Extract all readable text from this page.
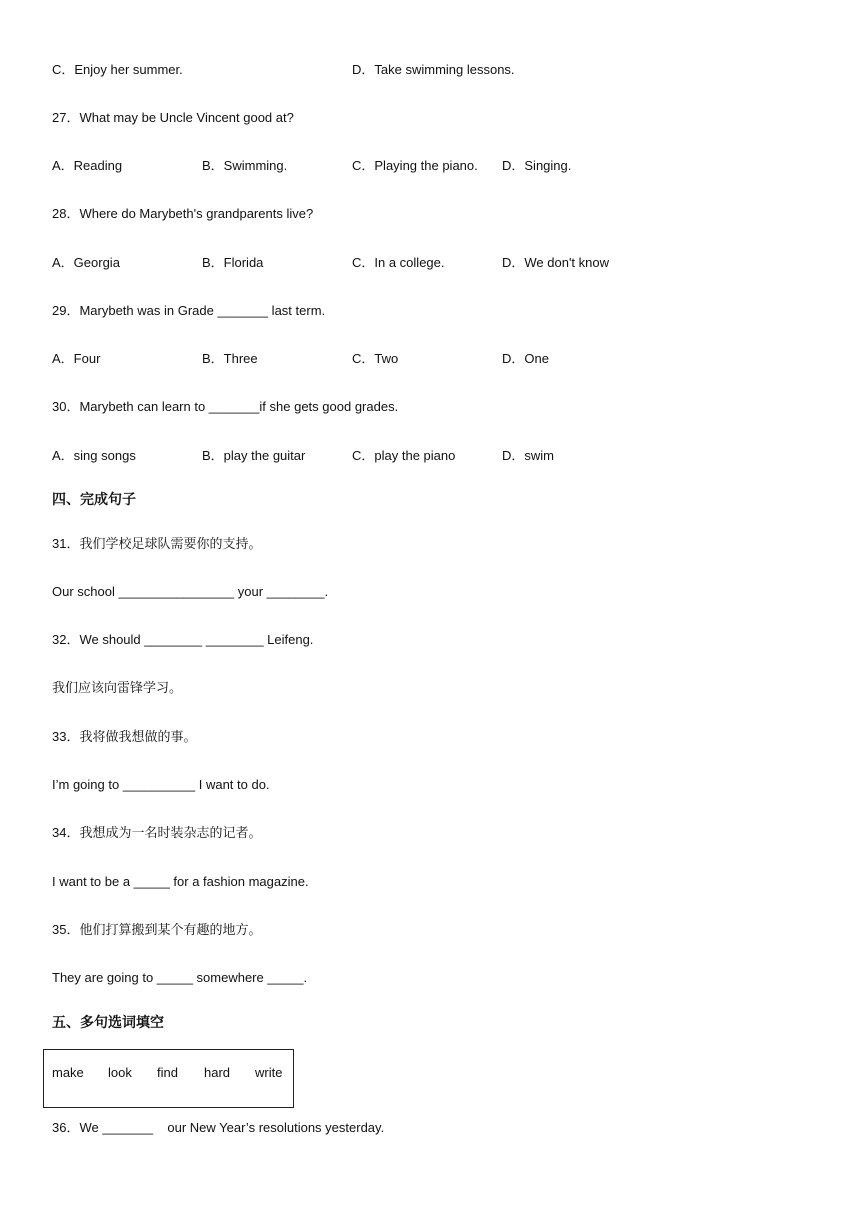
C．Enjoy her summer.	D．Take swimming lessons.
27．What may be Uncle Vincent good at?
A．Reading	B．Swimming.	C．Playing the piano. D．Singing.
28．Where do Marybeth's grandparents live?
A．Georgia	B．Florida	C．In a college.	D．We don't know
29．Marybeth was in Grade _______ last term.
A．Four	B．Three	C．Two	D．One
30．Marybeth can learn to _______if she gets good grades.
A．sing songs	B．play the guitar	C．play the piano	D．swim
四、完成句子
31．我们学校足球队需要你的支持。
Our school ________________ your ________.
32．We should ________ ________ Leifeng.
我们应该向雷锋学习。
33．我将做我想做的事。
I’m going to __________ I want to do.
34．我想成为一名时装杂志的记者。
I want to be a _____ for a fashion magazine.
35．他们打算搬到某个有趣的地方。
They are going to _____ somewhere _____.
五、多句选词填空
make look find hard write
36．We _______    our New Year’s resolutions yesterday.
